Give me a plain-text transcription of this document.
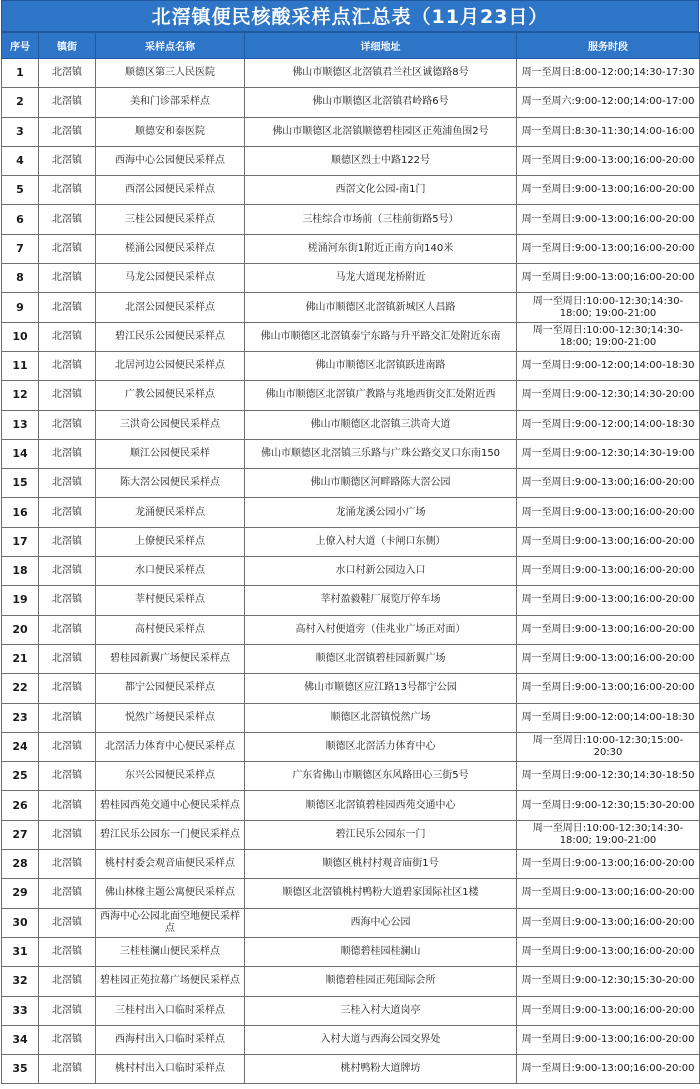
北滘镇便民核酸采样点汇总表（11月23日）
序号	镇街	采样点名称	详细地址	服务时段
1	北滘镇	顺德区第三人民医院	佛山市顺德区北滘镇君兰社区诚德路8号	周一至周日:8:00-12:00;14:30-17:30
2	北滘镇	美和门诊部采样点	佛山市顺德区北滘镇君岭路6号	周一至周六:9:00-12:00;14:00-17:00
3	北滘镇	顺德安和泰医院	佛山市顺德区北滘镇顺德碧桂园区正苑浦鱼围2号	周一至周日:8:30-11:30;14:00-16:00
4	北滘镇	西海中心公园便民采样点	顺德区烈士中路122号	周一至周日:9:00-13:00;16:00-20:00
5	北滘镇	西滘公园便民采样点	西滘文化公园-南1门	周一至周日:9:00-13:00;16:00-20:00
6	北滘镇	三桂公园便民采样点	三桂综合市场前（三桂前街路5号）	周一至周日:9:00-13:00;16:00-20:00
7	北滘镇	槎涌公园便民采样点	槎涌河东街1附近正南方向140米	周一至周日:9:00-13:00;16:00-20:00
8	北滘镇	马龙公园便民采样点	马龙大道现龙桥附近	周一至周日:9:00-13:00;16:00-20:00
9	北滘镇	北滘公园便民采样点	佛山市顺德区北滘镇新城区人昌路	周一至周日:10:00-12:30;14:30-18:00; 19:00-21:00
10	北滘镇	碧江民乐公园便民采样点	佛山市顺德区北滘镇泰宁东路与升平路交汇处附近东南	周一至周日:10:00-12:30;14:30-18:00; 19:00-21:00
11	北滘镇	北居河边公园便民采样点	佛山市顺德区北滘镇跃进南路	周一至周日:9:00-12:00;14:00-18:30
12	北滘镇	广教公园便民采样点	佛山市顺德区北滘镇广教路与兆地西街交汇处附近西	周一至周日:9:00-12:30;14:30-20:00
13	北滘镇	三洪奇公园便民采样点	佛山市顺德区北滘镇三洪奇大道	周一至周日:9:00-12:00;14:00-18:30
14	北滘镇	顺江公园便民采样	佛山市顺德区北滘镇三乐路与广珠公路交叉口东南150	周一至周日:9:00-12:30;14:30-19:00
15	北滘镇	陈大滘公园便民采样点	佛山市顺德区河畔路陈大滘公园	周一至周日:9:00-13:00;16:00-20:00
16	北滘镇	龙涌便民采样点	龙涌龙溪公园小广场	周一至周日:9:00-13:00;16:00-20:00
17	北滘镇	上僚便民采样点	上僚入村大道（卡闸口东侧）	周一至周日:9:00-13:00;16:00-20:00
18	北滘镇	水口便民采样点	水口村新公园边入口	周一至周日:9:00-13:00;16:00-20:00
19	北滘镇	莘村便民采样点	莘村盈毅鞋厂展览厅停车场	周一至周日:9:00-13:00;16:00-20:00
20	北滘镇	高村便民采样点	高村入村便道旁（佳兆业广场正对面）	周一至周日:9:00-13:00;16:00-20:00
21	北滘镇	碧桂园新翼广场便民采样点	顺德区北滘镇碧桂园新翼广场	周一至周日:9:00-13:00;16:00-20:00
22	北滘镇	都宁公园便民采样点	佛山市顺德区应江路13号都宁公园	周一至周日:9:00-13:00;16:00-20:00
23	北滘镇	悦然广场便民采样点	顺德区北滘镇悦然广场	周一至周日:9:00-12:00;14:00-18:30
24	北滘镇	北滘活力体育中心便民采样点	顺德区北滘活力体育中心	周一至周日:10:00-12:30;15:00-20:30
25	北滘镇	东兴公园便民采样点	广东省佛山市顺德区东风路田心三街5号	周一至周日:9:00-12:30;14:30-18:50
26	北滘镇	碧桂园西苑交通中心便民采样点	顺德区北滘镇碧桂园西苑交通中心	周一至周日:9:00-12:30;15:30-20:00
27	北滘镇	碧江民乐公园东一门便民采样点	碧江民乐公园东一门	周一至周日:10:00-12:30;14:30-18:00; 19:00-21:00
28	北滘镇	桃村村委会观音庙便民采样点	顺德区桃村村观音庙街1号	周一至周日:9:00-13:00;16:00-20:00
29	北滘镇	佛山林椽主题公寓便民采样点	顺德区北滘镇桃村鸭粉大道碧家国际社区1楼	周一至周日:9:00-13:00;16:00-20:00
30	北滘镇	西海中心公园北面空地便民采样点	西海中心公园	周一至周日:9:00-13:00;16:00-20:00
31	北滘镇	三桂桂澜山便民采样点	顺德碧桂园桂澜山	周一至周日:9:00-13:00;16:00-20:00
32	北滘镇	碧桂园正苑拉幕广场便民采样点	顺德碧桂园正苑国际会所	周一至周日:9:00-12:30;15:30-20:00
33	北滘镇	三桂村出入口临时采样点	三桂入村大道岗亭	周一至周日:9:00-13:00;16:00-20:00
34	北滘镇	西海村出入口临时采样点	入村大道与西海公园交界处	周一至周日:9:00-13:00;16:00-20:00
35	北滘镇	桃村村出入口临时采样点	桃村鸭粉大道牌坊	周一至周日:9:00-13:00;16:00-20:00
